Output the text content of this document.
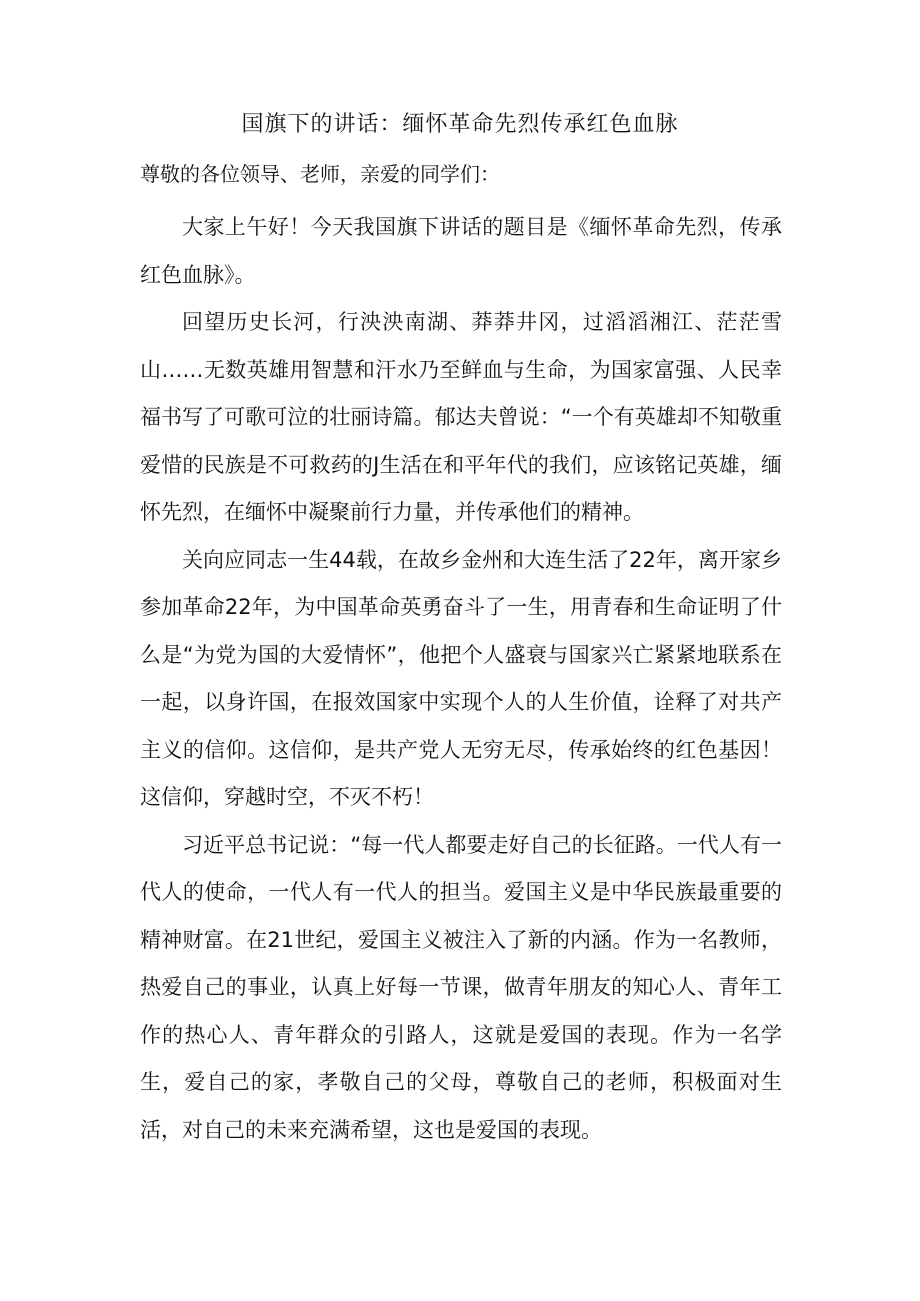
国旗下的讲话：缅怀革命先烈传承红色血脉
尊敬的各位领导、老师，亲爱的同学们：

大家上午好！今天我国旗下讲话的题目是《缅怀革命先烈，传承红色血脉》。

回望历史长河，行泱泱南湖、莽莽井冈，过滔滔湘江、茫茫雪山……无数英雄用智慧和汗水乃至鲜血与生命，为国家富强、人民幸福书写了可歌可泣的壮丽诗篇。郁达夫曾说：“一个有英雄却不知敬重爱惜的民族是不可救药的J生活在和平年代的我们，应该铭记英雄，缅怀先烈，在缅怀中凝聚前行力量，并传承他们的精神。

关向应同志一生44载，在故乡金州和大连生活了22年，离开家乡参加革命22年，为中国革命英勇奋斗了一生，用青春和生命证明了什么是“为党为国的大爱情怀”，他把个人盛衰与国家兴亡紧紧地联系在一起，以身许国，在报效国家中实现个人的人生价值，诠释了对共产主义的信仰。这信仰，是共产党人无穷无尽，传承始终的红色基因！这信仰，穿越时空，不灭不朽！

习近平总书记说：“每一代人都要走好自己的长征路。一代人有一代人的使命，一代人有一代人的担当。爱国主义是中华民族最重要的精神财富。在21世纪，爱国主义被注入了新的内涵。作为一名教师，热爱自己的事业，认真上好每一节课，做青年朋友的知心人、青年工作的热心人、青年群众的引路人，这就是爱国的表现。作为一名学生，爱自己的家，孝敬自己的父母，尊敬自己的老师，积极面对生活，对自己的未来充满希望，这也是爱国的表现。
